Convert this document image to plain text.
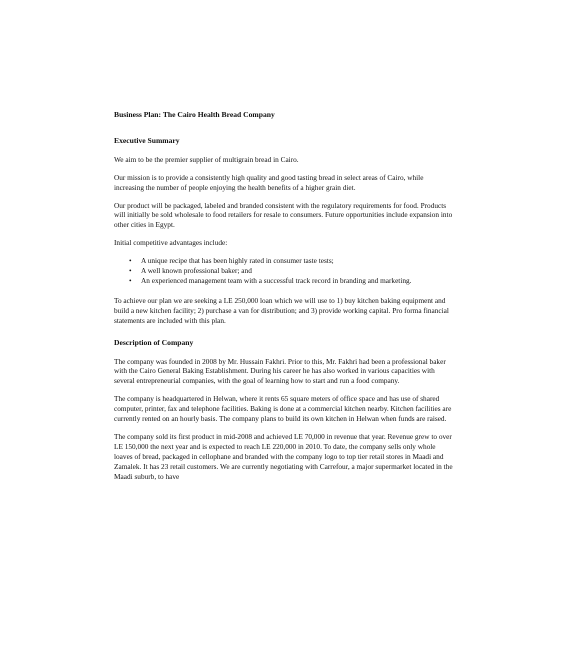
Business Plan: The Cairo Health Bread Company
Executive Summary

We aim to be the premier supplier of multigrain bread in Cairo.

Our mission is to provide a consistently high quality and good tasting bread in select areas of Cairo, while increasing the number of people enjoying the health benefits of a higher grain diet.

Our product will be packaged, labeled and branded consistent with the regulatory requirements for food. Products will initially be sold wholesale to food retailers for resale to consumers. Future opportunities include expansion into other cities in Egypt.

Initial competitive advantages include:

• A unique recipe that has been highly rated in consumer taste tests;
• A well known professional baker; and
• An experienced management team with a successful track record in branding and marketing.

To achieve our plan we are seeking a LE 250,000 loan which we will use to 1) buy kitchen baking equipment and build a new kitchen facility; 2) purchase a van for distribution; and 3) provide working capital. Pro forma financial statements are included with this plan.

Description of Company

The company was founded in 2008 by Mr. Hussain Fakhri. Prior to this, Mr. Fakhri had been a professional baker with the Cairo General Baking Establishment. During his career he has also worked in various capacities with several entrepreneurial companies, with the goal of learning how to start and run a food company.

The company is headquartered in Helwan, where it rents 65 square meters of office space and has use of shared computer, printer, fax and telephone facilities. Baking is done at a commercial kitchen nearby. Kitchen facilities are currently rented on an hourly basis. The company plans to build its own kitchen in Helwan when funds are raised.

The company sold its first product in mid-2008 and achieved LE 70,000 in revenue that year. Revenue grew to over LE 150,000 the next year and is expected to reach LE 220,000 in 2010. To date, the company sells only whole loaves of bread, packaged in cellophane and branded with the company logo to top tier retail stores in Maadi and Zamalek. It has 23 retail customers. We are currently negotiating with Carrefour, a major supermarket located in the Maadi suburb, to have
